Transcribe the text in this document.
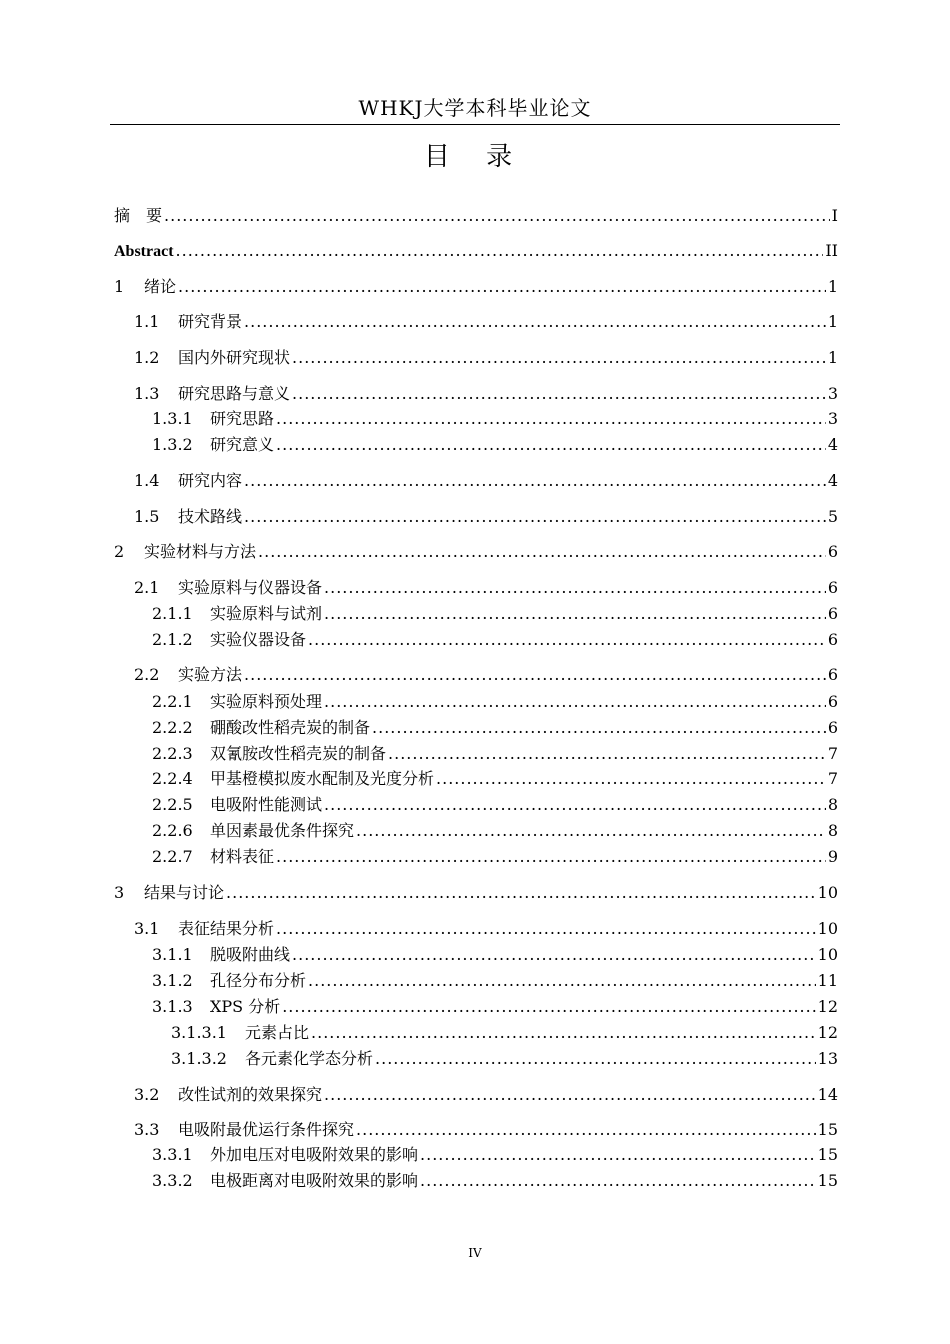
WHKJ大学本科毕业论文
目 录
摘　要 .....	I
Abstract .....	II
1	绪论 .....	1
1.1	研究背景 .....	1
1.2	国内外研究现状 .....	1
1.3	研究思路与意义 .....	3
1.3.1	研究思路 .....	3
1.3.2	研究意义 .....	4
1.4	研究内容 .....	4
1.5	技术路线 .....	5
2	实验材料与方法 .....	6
2.1	实验原料与仪器设备 .....	6
2.1.1	实验原料与试剂 .....	6
2.1.2	实验仪器设备 .....	6
2.2	实验方法 .....	6
2.2.1	实验原料预处理 .....	6
2.2.2	硼酸改性稻壳炭的制备 .....	6
2.2.3	双氰胺改性稻壳炭的制备 .....	7
2.2.4	甲基橙模拟废水配制及光度分析 .....	7
2.2.5	电吸附性能测试 .....	8
2.2.6	单因素最优条件探究 .....	8
2.2.7	材料表征 .....	9
3	结果与讨论 .....	10
3.1	表征结果分析 .....	10
3.1.1	脱吸附曲线 .....	10
3.1.2	孔径分布分析 .....	11
3.1.3	XPS 分析 .....	12
3.1.3.1	元素占比 .....	12
3.1.3.2	各元素化学态分析 .....	13
3.2	改性试剂的效果探究 .....	14
3.3	电吸附最优运行条件探究 .....	15
3.3.1	外加电压对电吸附效果的影响 .....	15
3.3.2	电极距离对电吸附效果的影响 .....	15
IV
